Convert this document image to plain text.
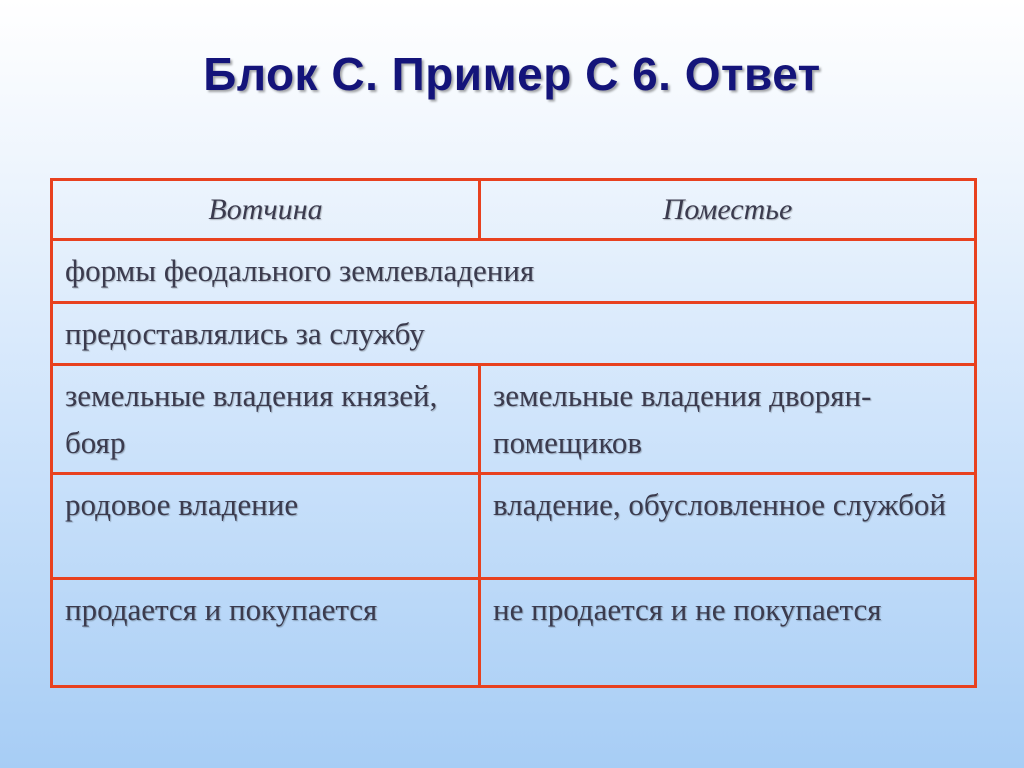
Блок С. Пример С 6. Ответ
Вотчина	Поместье
формы феодального землевладения	
предоставлялись за службу	
земельные владения князей, бояр	земельные владения дворян-помещиков
родовое владение	владение, обусловленное службой
продается и покупается	не продается и не покупается
